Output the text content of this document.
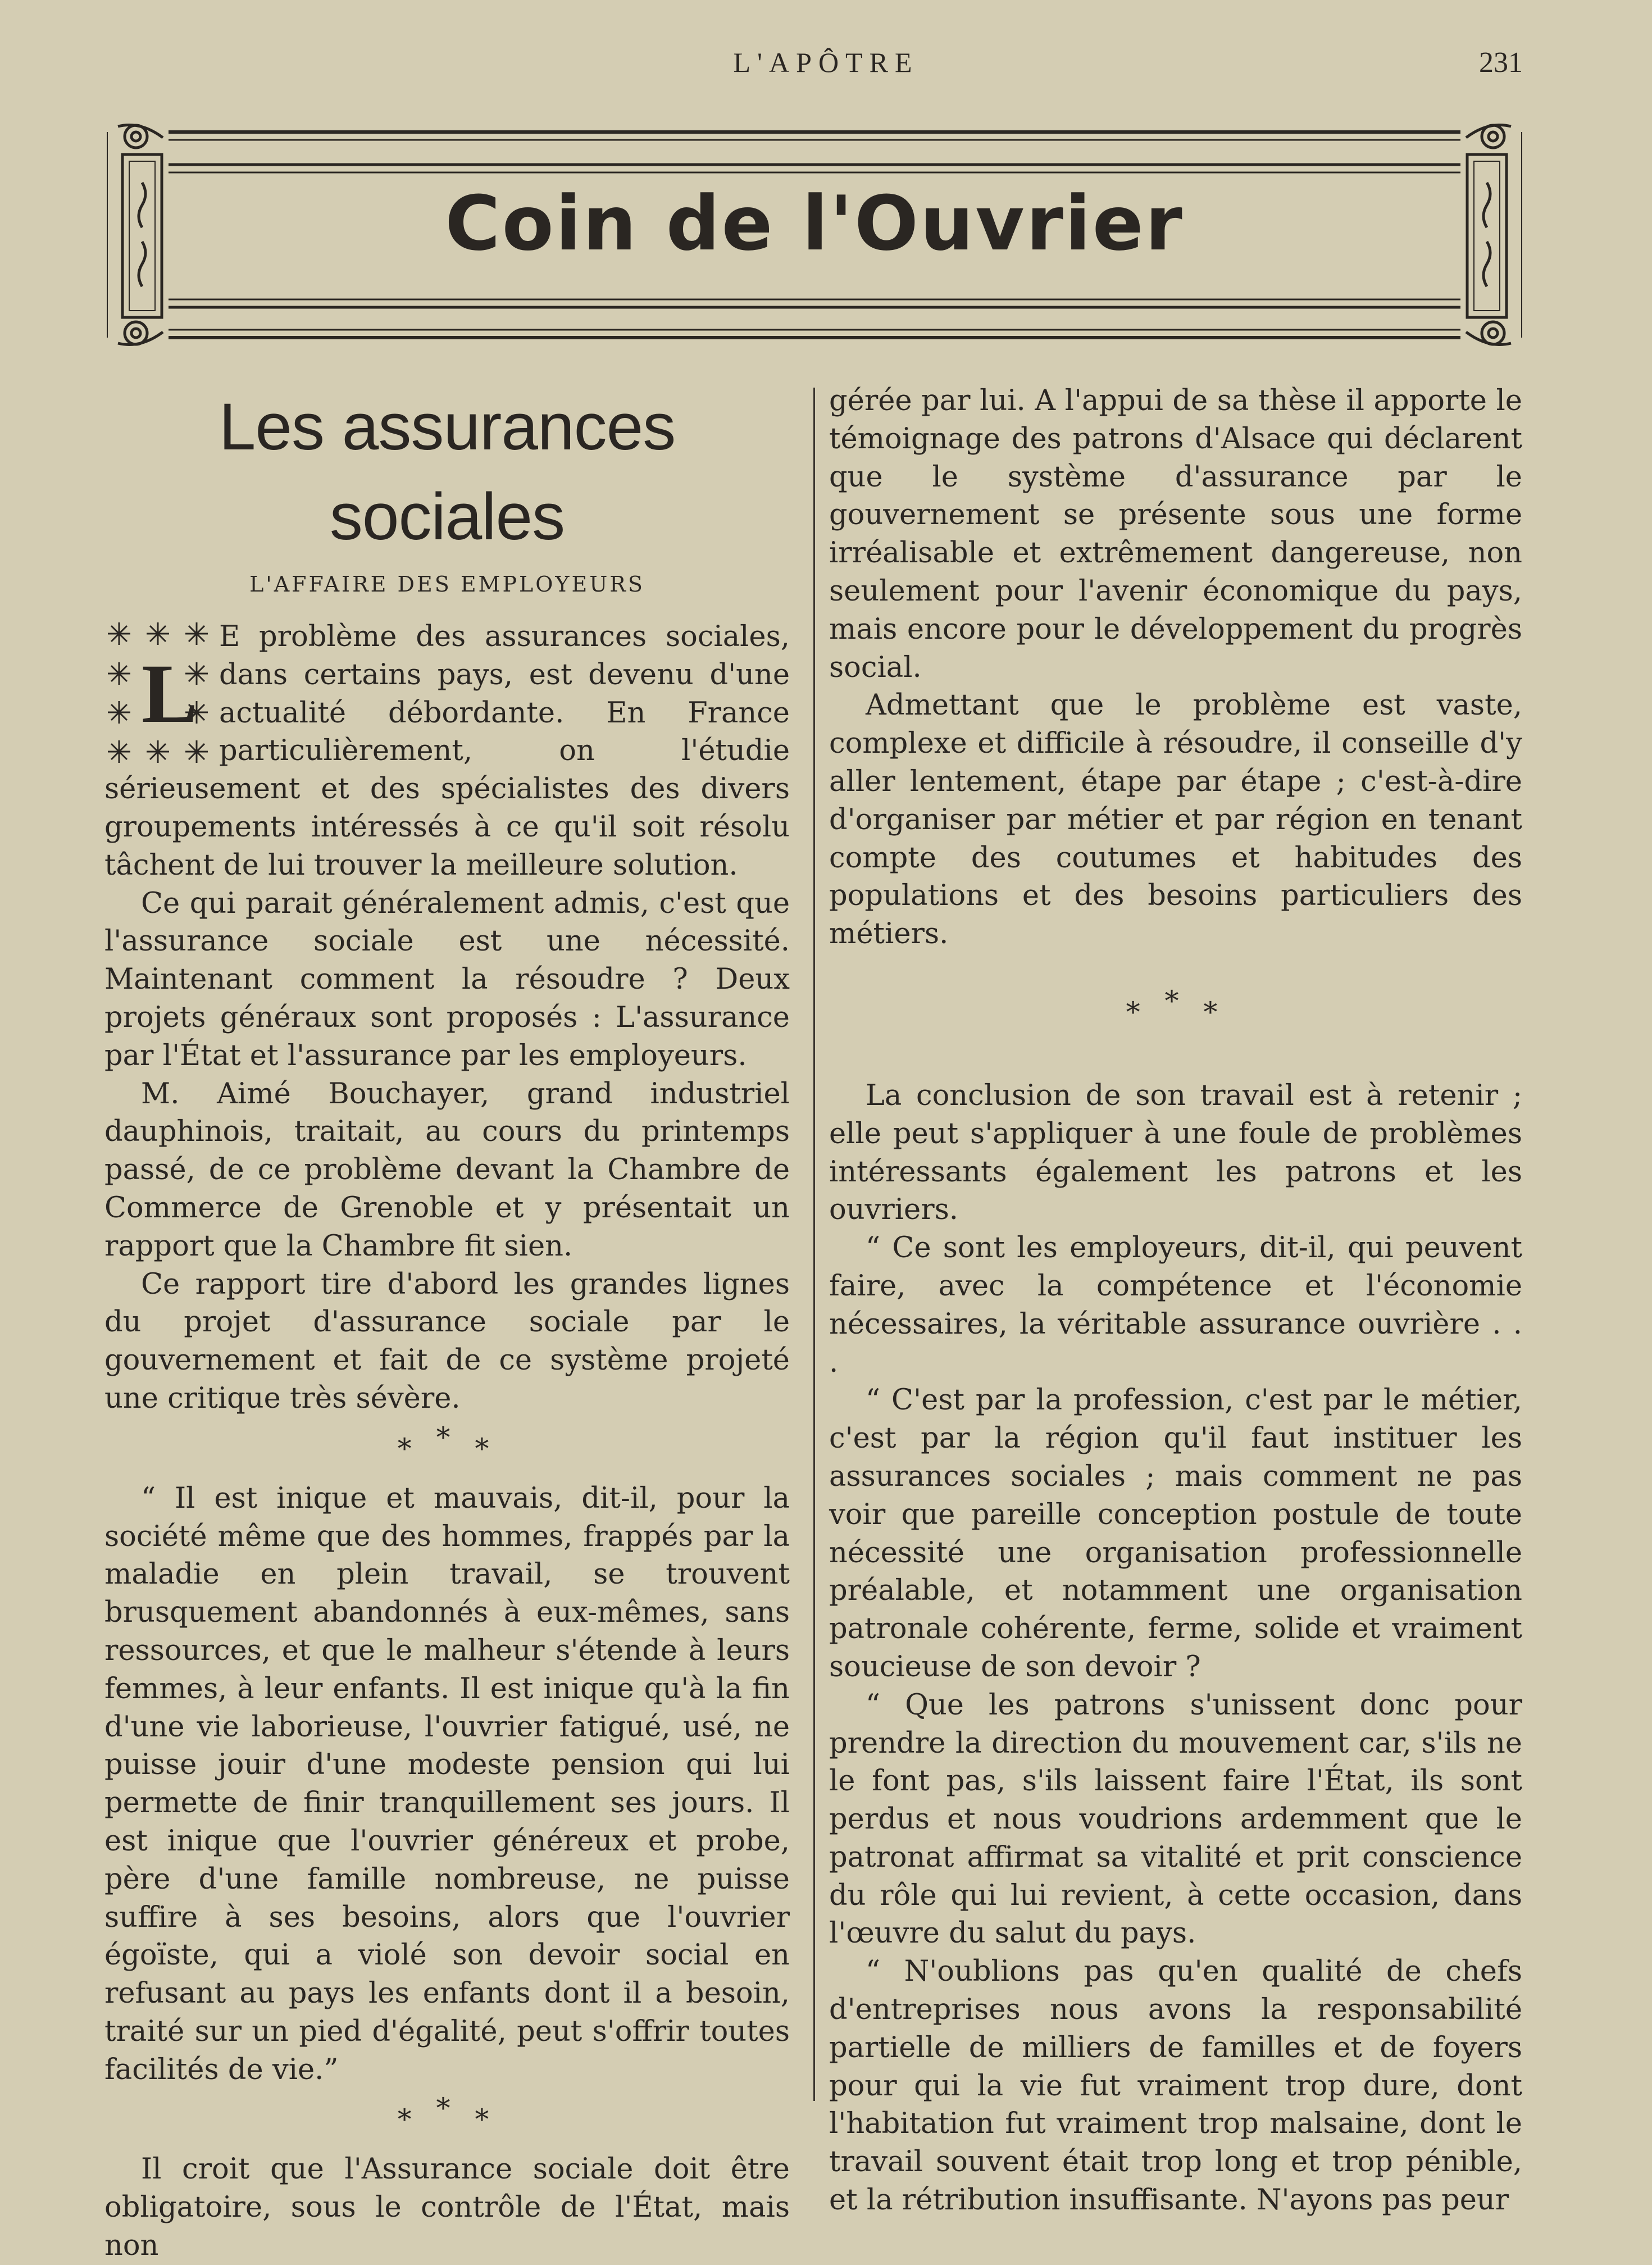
L'APÔTRE	231
Coin de l'Ouvrier
Les assurances sociales
L'AFFAIRE DES EMPLOYEURS

L
E problème des assurances sociales, dans certains pays, est devenu d'une actualité débordante. En France particulièrement, on l'étudie sérieusement et des spécialistes des divers groupements intéressés à ce qu'il soit résolu tâchent de lui trouver la meilleure solution.

Ce qui parait généralement admis, c'est que l'assurance sociale est une nécessité. Maintenant comment la résoudre ? Deux projets généraux sont proposés : L'assurance par l'État et l'assurance par les employeurs.

M. Aimé Bouchayer, grand industriel dauphinois, traitait, au cours du printemps passé, de ce problème devant la Chambre de Commerce de Grenoble et y présentait un rapport que la Chambre fit sien.

Ce rapport tire d'abord les grandes lignes du projet d'assurance sociale par le gouvernement et fait de ce système projeté une critique très sévère.

* * *

“ Il est inique et mauvais, dit-il, pour la société même que des hommes, frappés par la maladie en plein travail, se trouvent brusquement abandonnés à eux-mêmes, sans ressources, et que le malheur s'étende à leurs femmes, à leur enfants. Il est inique qu'à la fin d'une vie laborieuse, l'ouvrier fatigué, usé, ne puisse jouir d'une modeste pension qui lui permette de finir tranquillement ses jours. Il est inique que l'ouvrier généreux et probe, père d'une famille nombreuse, ne puisse suffire à ses besoins, alors que l'ouvrier égoïste, qui a violé son devoir social en refusant au pays les enfants dont il a besoin, traité sur un pied d'égalité, peut s'offrir toutes facilités de vie.”

* * *

Il croit que l'Assurance sociale doit être obligatoire, sous le contrôle de l'État, mais non

gérée par lui. A l'appui de sa thèse il apporte le témoignage des patrons d'Alsace qui déclarent que le système d'assurance par le gouvernement se présente sous une forme irréalisable et extrêmement dangereuse, non seulement pour l'avenir économique du pays, mais encore pour le développement du progrès social.

Admettant que le problème est vaste, complexe et difficile à résoudre, il conseille d'y aller lentement, étape par étape ; c'est-à-dire d'organiser par métier et par région en tenant compte des coutumes et habitudes des populations et des besoins particuliers des métiers.

* * *

La conclusion de son travail est à retenir ; elle peut s'appliquer à une foule de problèmes intéressants également les patrons et les ouvriers.

“ Ce sont les employeurs, dit-il, qui peuvent faire, avec la compétence et l'économie nécessaires, la véritable assurance ouvrière . . .

“ C'est par la profession, c'est par le métier, c'est par la région qu'il faut instituer les assurances sociales ; mais comment ne pas voir que pareille conception postule de toute nécessité une organisation professionnelle préalable, et notamment une organisation patronale cohérente, ferme, solide et vraiment soucieuse de son devoir ?

“ Que les patrons s'unissent donc pour prendre la direction du mouvement car, s'ils ne le font pas, s'ils laissent faire l'État, ils sont perdus et nous voudrions ardemment que le patronat affirmat sa vitalité et prit conscience du rôle qui lui revient, à cette occasion, dans l'œuvre du salut du pays.

“ N'oublions pas qu'en qualité de chefs d'entreprises nous avons la responsabilité partielle de milliers de familles et de foyers pour qui la vie fut vraiment trop dure, dont l'habitation fut vraiment trop malsaine, dont le travail souvent était trop long et trop pénible, et la rétribution insuffisante. N'ayons pas peur
